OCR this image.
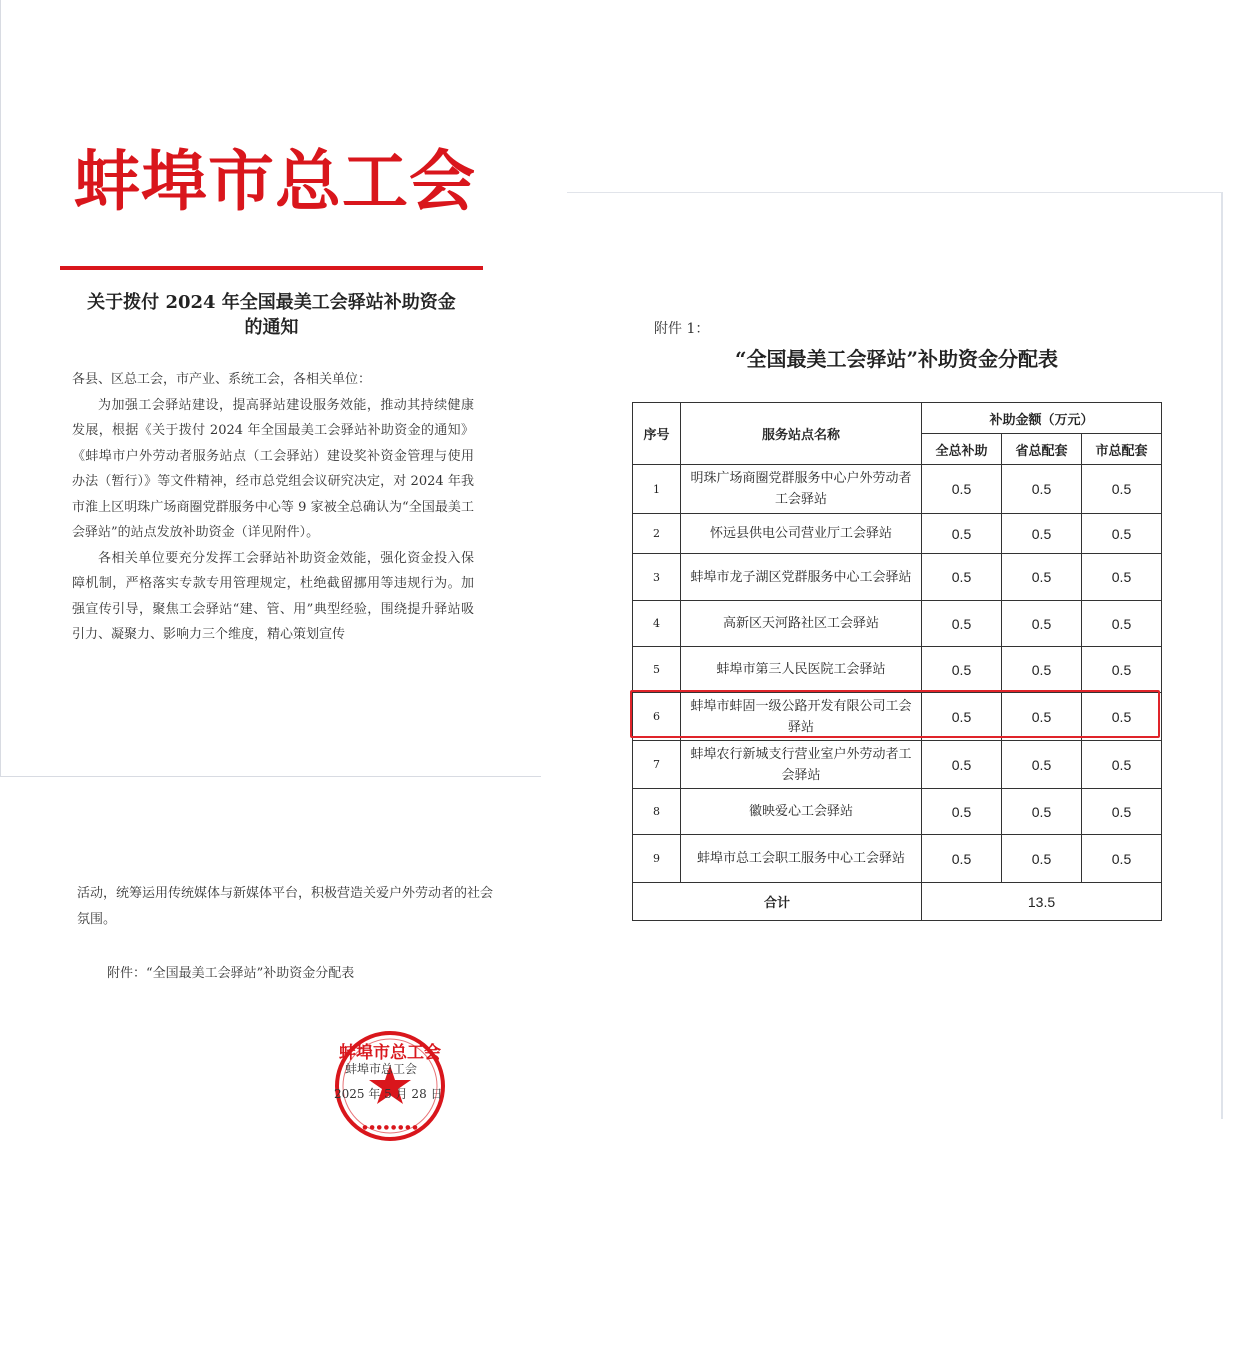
蚌埠市总工会
关于拨付 2024 年全国最美工会驿站补助资金
的通知

各县、区总工会，市产业、系统工会，各相关单位：

为加强工会驿站建设，提高驿站建设服务效能，推动其持续健康发展，根据《关于拨付 2024 年全国最美工会驿站补助资金的通知》《蚌埠市户外劳动者服务站点（工会驿站）建设奖补资金管理与使用办法（暂行）》等文件精神，经市总党组会议研究决定，对 2024 年我市淮上区明珠广场商圈党群服务中心等 9 家被全总确认为“全国最美工会驿站”的站点发放补助资金（详见附件）。

各相关单位要充分发挥工会驿站补助资金效能，强化资金投入保障机制，严格落实专款专用管理规定，杜绝截留挪用等违规行为。加强宣传引导，聚焦工会驿站“建、管、用”典型经验，围绕提升驿站吸引力、凝聚力、影响力三个维度，精心策划宣传

活动，统筹运用传统媒体与新媒体平台，积极营造关爱户外劳动者的社会氛围。
附件：“全国最美工会驿站”补助资金分配表
蚌埠市总工会
● ● ● ● ● ● ● ●
蚌埠市总工会
2025 年 5 月 28 日
附件 1：
“全国最美工会驿站”补助资金分配表
序号	服务站点名称	补助金额（万元）		
		全总补助	省总配套	市总配套
1	明珠广场商圈党群服务中心户外劳动者工会驿站	0.5	0.5	0.5
2	怀远县供电公司营业厅工会驿站	0.5	0.5	0.5
3	蚌埠市龙子湖区党群服务中心工会驿站	0.5	0.5	0.5
4	高新区天河路社区工会驿站	0.5	0.5	0.5
5	蚌埠市第三人民医院工会驿站	0.5	0.5	0.5
6	蚌埠市蚌固一级公路开发有限公司工会驿站	0.5	0.5	0.5
7	蚌埠农行新城支行营业室户外劳动者工会驿站	0.5	0.5	0.5
8	徽映爱心工会驿站	0.5	0.5	0.5
9	蚌埠市总工会职工服务中心工会驿站	0.5	0.5	0.5
合计		13.5		
